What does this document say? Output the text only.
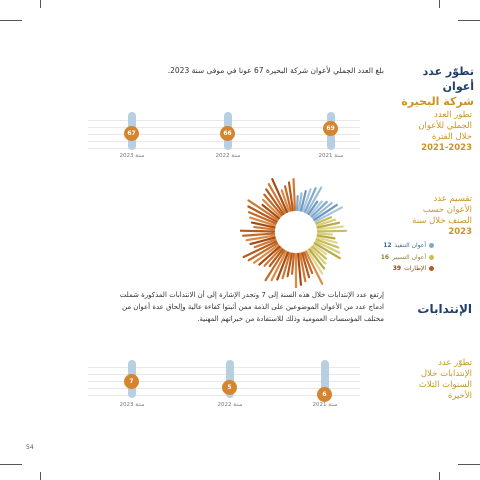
تطوّر عدد أعوان
شركة البحيرة
بلغ العدد الجملي لأعوان شركة البحيرة 67 عونا في موفى سنة 2023.
تطور العدد
الجملي للأعوان
خلال الفترة
2021-2023
67	66
69
سنة 2023	سنة 2022	سنة 2021
تقسيم عدد
الأعوان حسب
الصنف خلال سنة
2023
أعوان التنفيذ
12
أعوان التسيير
16
الإطارات
39
الإنتدابات
إرتفع عدد الإنتدابات خلال هذه السنة إلى 7 وتجدر الإشارة إلى أن الانتدابات المذكورة شملت
ادماج عدد من الأعوان الموضوعين على الذمة ممن أثبتوا كفاءة عالية وإلحاق عدة أعوان من
مختلف المؤسسات العمومية وذلك للاستفادة من خبراتهم المهنية.
تطوّر عدد
الإنتدابات خلال
السنوات الثلاث
الأخيرة
7
5
6
سنة 2023	سنة 2022	سنة 2021
54
